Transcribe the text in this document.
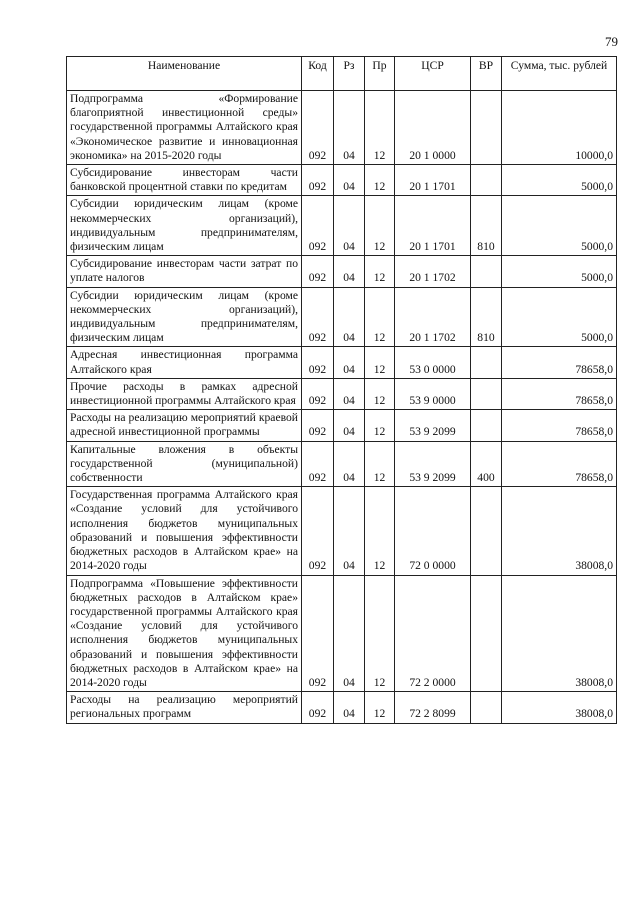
79
Наименование	Код	Рз	Пр	ЦСР	ВР	Сумма, тыс. рублей
Подпрограмма «Формирование благоприятной инвестиционной среды» государственной программы Алтайского края «Экономическое развитие и инновационная экономика» на 2015-2020 годы	092	04	12	20 1 0000		10000,0
Субсидирование инвесторам части банковской процентной ставки по кредитам	092	04	12	20 1 1701		5000,0
Субсидии юридическим лицам (кроме некоммерческих организаций), индивидуальным предпринимателям, физическим лицам	092	04	12	20 1 1701	810	5000,0
Субсидирование инвесторам части затрат по уплате налогов	092	04	12	20 1 1702		5000,0
Субсидии юридическим лицам (кроме некоммерческих организаций), индивидуальным предпринимателям, физическим лицам	092	04	12	20 1 1702	810	5000,0
Адресная инвестиционная программа Алтайского края	092	04	12	53 0 0000		78658,0
Прочие расходы в рамках адресной инвестиционной программы Алтайского края	092	04	12	53 9 0000		78658,0
Расходы на реализацию мероприятий краевой адресной инвестиционной программы	092	04	12	53 9 2099		78658,0
Капитальные вложения в объекты государственной (муниципальной) собственности	092	04	12	53 9 2099	400	78658,0
Государственная программа Алтайского края «Создание условий для устойчивого исполнения бюджетов муниципальных образований и повышения эффективности бюджетных расходов в Алтайском крае» на 2014-2020 годы	092	04	12	72 0 0000		38008,0
Подпрограмма «Повышение эффективности бюджетных расходов в Алтайском крае» государственной программы Алтайского края «Создание условий для устойчивого исполнения бюджетов муниципальных образований и повышения эффективности бюджетных расходов в Алтайском крае» на 2014-2020 годы	092	04	12	72 2 0000		38008,0
Расходы на реализацию мероприятий региональных программ	092	04	12	72 2 8099		38008,0
